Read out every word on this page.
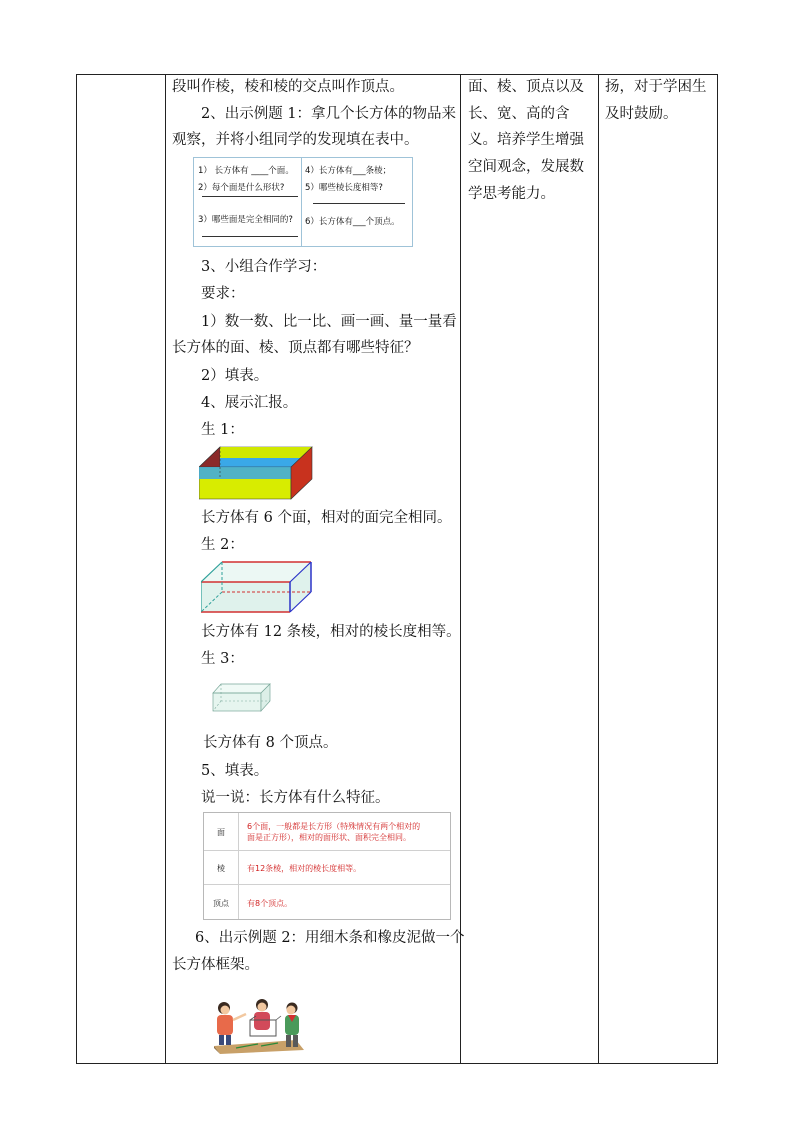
段叫作棱，棱和棱的交点叫作顶点。
2、出示例题 1：拿几个长方体的物品来
观察，并将小组同学的发现填在表中。
1） 长方体有 ____个面。
2）每个面是什么形状?
3）哪些面是完全相同的?
4）长方体有___条棱；
5）哪些棱长度相等?
6）长方体有___个顶点。
3、小组合作学习：
要求：
1）数一数、比一比、画一画、量一量看
长方体的面、棱、顶点都有哪些特征？
2）填表。
4、展示汇报。
生 1：
长方体有 6 个面，相对的面完全相同。
生 2：
长方体有 12 条棱，相对的棱长度相等。
生 3：
长方体有 8 个顶点。
5、填表。
说一说：长方体有什么特征。
面
6个面，一般都是长方形（特殊情况有两个相对的
面是正方形），相对的面形状、面积完全相同。
棱	有12条棱，相对的棱长度相等。
顶点	有8个顶点。
6、出示例题 2：用细木条和橡皮泥做一个
长方体框架。
面、棱、顶点以及
长、宽、高的含
义。培养学生增强
空间观念，发展数
学思考能力。
扬，对于学困生
及时鼓励。
